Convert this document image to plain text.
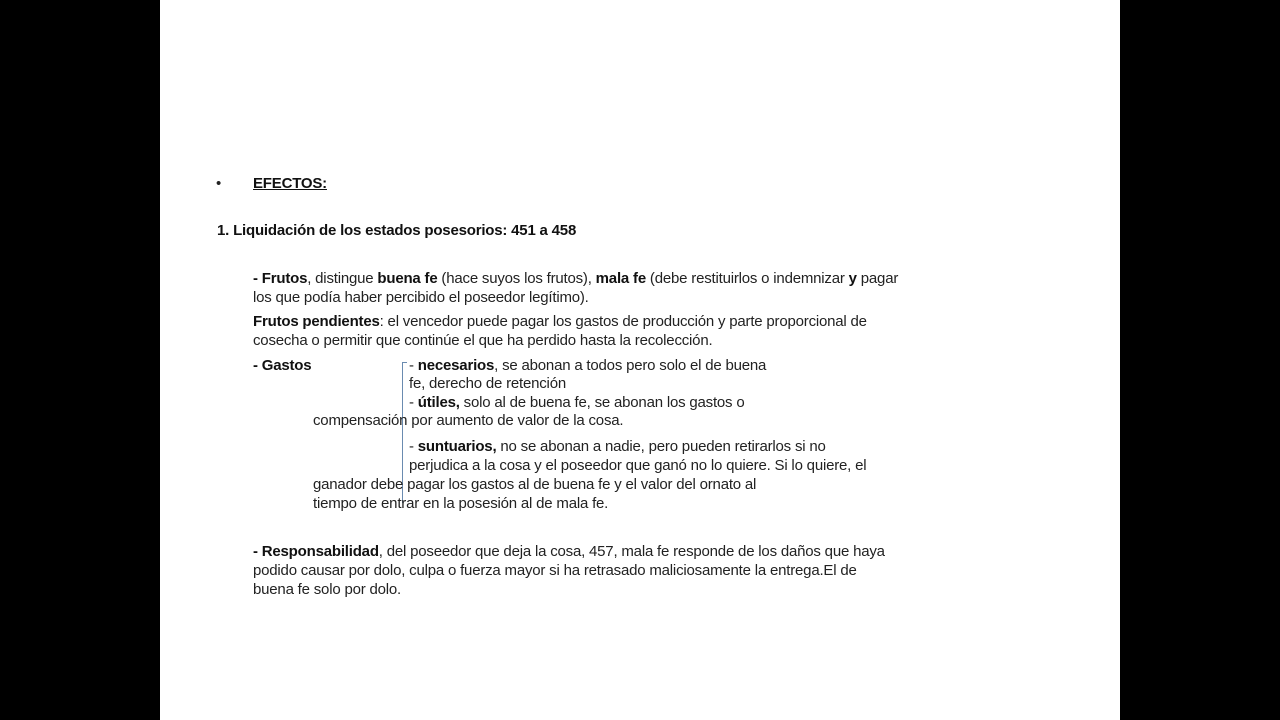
• EFECTOS:
1. Liquidación de los estados posesorios: 451 a 458
- Frutos, distingue buena fe (hace suyos los frutos), mala fe (debe restituirlos o indemnizar y pagar
los que podía haber percibido el poseedor legítimo).
Frutos pendientes: el vencedor puede pagar los gastos de producción y parte proporcional de
cosecha o permitir que continúe el que ha perdido hasta la recolección.
- Gastos	- necesarios, se abonan a todos pero solo el de buena
fe, derecho de retención
- útiles, solo al de buena fe, se abonan los gastos o
compensación por aumento de valor de la cosa.
- suntuarios, no se abonan a nadie, pero pueden retirarlos si no
perjudica a la cosa y el poseedor que ganó no lo quiere. Si lo quiere, el
ganador debe pagar los gastos al de buena fe y el valor del ornato al
tiempo de entrar en la posesión al de mala fe.
- Responsabilidad, del poseedor que deja la cosa, 457, mala fe responde de los daños que haya
podido causar por dolo, culpa o fuerza mayor si ha retrasado maliciosamente la entrega.El de
buena fe solo por dolo.
